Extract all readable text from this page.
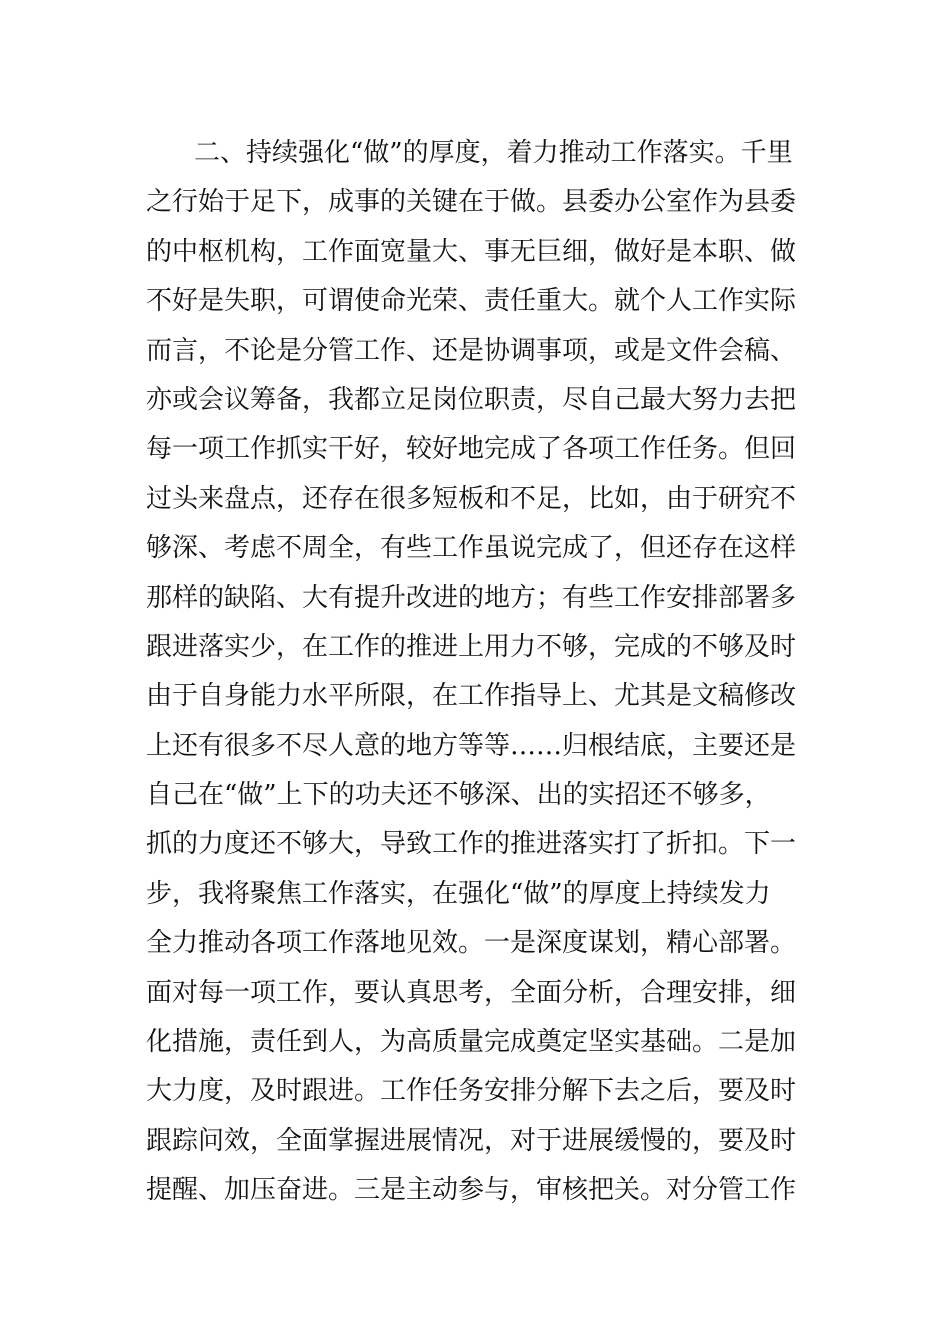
二、持续强化“做”的厚度，着力推动工作落实。千里
之行始于足下，成事的关键在于做。县委办公室作为县委
的中枢机构，工作面宽量大、事无巨细，做好是本职、做
不好是失职，可谓使命光荣、责任重大。就个人工作实际
而言，不论是分管工作、还是协调事项，或是文件会稿、
亦或会议筹备，我都立足岗位职责，尽自己最大努力去把
每一项工作抓实干好，较好地完成了各项工作任务。但回
过头来盘点，还存在很多短板和不足，比如，由于研究不
够深、考虑不周全，有些工作虽说完成了，但还存在这样
那样的缺陷、大有提升改进的地方；有些工作安排部署多
跟进落实少，在工作的推进上用力不够，完成的不够及时
由于自身能力水平所限，在工作指导上、尤其是文稿修改
上还有很多不尽人意的地方等等……归根结底，主要还是
自己在“做”上下的功夫还不够深、出的实招还不够多，
抓的力度还不够大，导致工作的推进落实打了折扣。下一
步，我将聚焦工作落实，在强化“做”的厚度上持续发力
全力推动各项工作落地见效。一是深度谋划，精心部署。
面对每一项工作，要认真思考，全面分析，合理安排，细
化措施，责任到人，为高质量完成奠定坚实基础。二是加
大力度，及时跟进。工作任务安排分解下去之后，要及时
跟踪问效，全面掌握进展情况，对于进展缓慢的，要及时
提醒、加压奋进。三是主动参与，审核把关。对分管工作
